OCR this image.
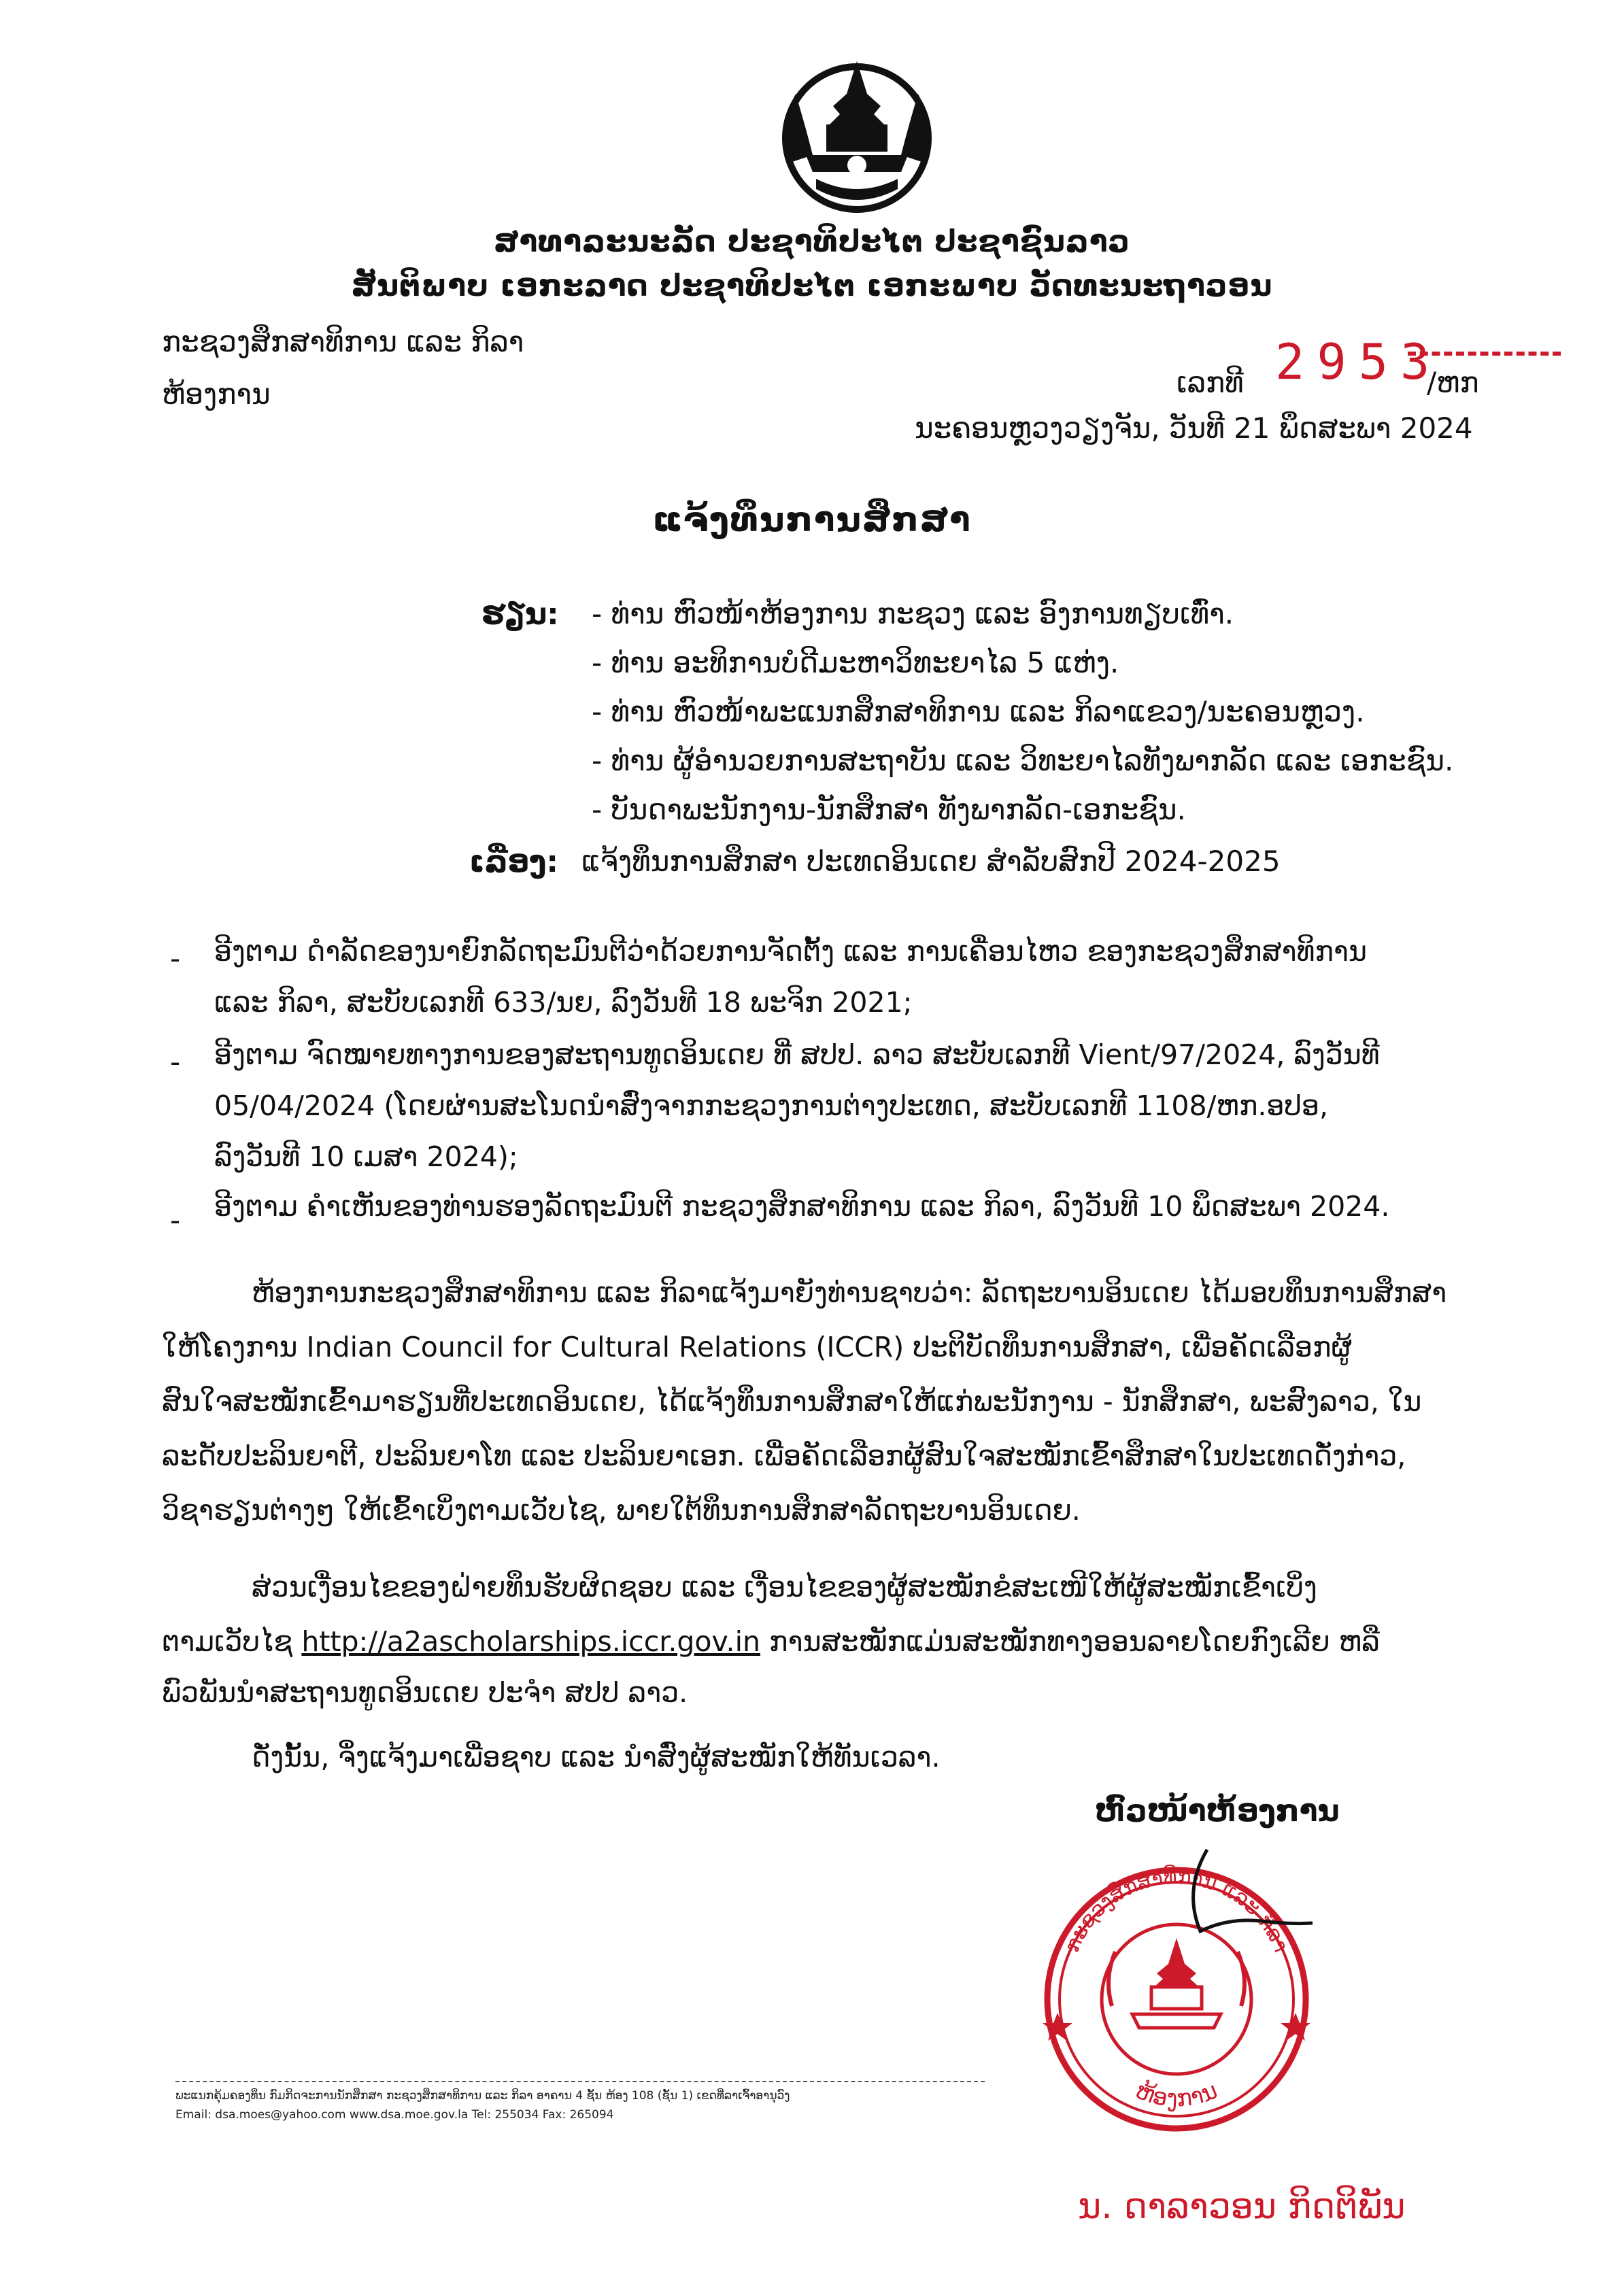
ສາທາລະນະລັດ ປະຊາທິປະໄຕ ປະຊາຊົນລາວ
ສັນຕິພາບ ເອກະລາດ ປະຊາທິປະໄຕ ເອກະພາບ ວັດທະນະຖາວອນ
ກະຊວງສຶກສາທິການ ແລະ ກິລາ
ຫ້ອງການ	ເລກທີ 2953
/ຫກ
ນະຄອນຫຼວງວຽງຈັນ, ວັນທີ 21 ພຶດສະພາ 2024
ແຈ້ງທຶນການສຶກສາ
ຮຽນ: - ທ່ານ ຫົວໜ້າຫ້ອງການ ກະຊວງ ແລະ ອົງການທຽບເທົ່າ.
- ທ່ານ ອະທິການບໍດີມະຫາວິທະຍາໄລ 5 ແຫ່ງ.
- ທ່ານ ຫົວໜ້າພະແນກສຶກສາທິການ ແລະ ກິລາແຂວງ/ນະຄອນຫຼວງ.
- ທ່ານ ຜູ້ອຳນວຍການສະຖາບັນ ແລະ ວິທະຍາໄລທັງພາກລັດ ແລະ ເອກະຊົນ.
- ບັນດາພະນັກງານ-ນັກສຶກສາ ທັງພາກລັດ-ເອກະຊົນ.
ເລື່ອງ: ແຈ້ງທຶນການສຶກສາ ປະເທດອິນເດຍ ສຳລັບສົກປີ 2024-2025
- ອີງຕາມ ດຳລັດຂອງນາຍົກລັດຖະມົນຕີວ່າດ້ວຍການຈັດຕັ້ງ ແລະ ການເຄື່ອນໄຫວ ຂອງກະຊວງສຶກສາທິການ
ແລະ ກິລາ, ສະບັບເລກທີ 633/ນຍ, ລົງວັນທີ 18 ພະຈິກ 2021;
- ອີງຕາມ ຈົດໝາຍທາງການຂອງສະຖານທູດອິນເດຍ ທີ່ ສປປ. ລາວ ສະບັບເລກທີ Vient/97/2024, ລົງວັນທີ
05/04/2024 (ໂດຍຜ່ານສະໂນດນຳສົ່ງຈາກກະຊວງການຕ່າງປະເທດ, ສະບັບເລກທີ 1108/ຫກ.ອປອ,
ລົງວັນທີ 10 ເມສາ 2024);
- ອີງຕາມ ຄຳເຫັນຂອງທ່ານຮອງລັດຖະມົນຕີ ກະຊວງສຶກສາທິການ ແລະ ກິລາ, ລົງວັນທີ 10 ພຶດສະພາ 2024.
ຫ້ອງການກະຊວງສຶກສາທິການ ແລະ ກິລາແຈ້ງມາຍັງທ່ານຊາບວ່າ: ລັດຖະບານອິນເດຍ ໄດ້ມອບທຶນການສຶກສາ
ໃຫ້ໂຄງການ Indian Council for Cultural Relations (ICCR) ປະຕິບັດທຶນການສຶກສາ, ເພື່ອຄັດເລືອກຜູ້
ສົນໃຈສະໝັກເຂົ້າມາຮຽນທີ່ປະເທດອິນເດຍ, ໄດ້ແຈ້ງທຶນການສຶກສາໃຫ້ແກ່ພະນັກງານ - ນັກສຶກສາ, ພະສົງລາວ, ໃນ
ລະດັບປະລິນຍາຕີ, ປະລິນຍາໂທ ແລະ ປະລິນຍາເອກ. ເພື່ອຄັດເລືອກຜູ້ສົນໃຈສະໝັກເຂົ້າສຶກສາໃນປະເທດດັ່ງກ່າວ,
ວິຊາຮຽນຕ່າງໆ ໃຫ້ເຂົ້າເບິ່ງຕາມເວັບໄຊ, ພາຍໃຕ້ທຶນການສຶກສາລັດຖະບານອິນເດຍ.
ສ່ວນເງື່ອນໄຂຂອງຝ່າຍທຶນຮັບຜິດຊອບ ແລະ ເງື່ອນໄຂຂອງຜູ້ສະໝັກຂໍສະເໜີໃຫ້ຜູ້ສະໝັກເຂົ້າເບິ່ງ
ຕາມເວັບໄຊ http://a2ascholarships.iccr.gov.in ການສະໝັກແມ່ນສະໝັກທາງອອນລາຍໂດຍກົງເລີຍ ຫລື
ພົວພັນນຳສະຖານທູດອິນເດຍ ປະຈຳ ສປປ ລາວ.
ດັ່ງນັ້ນ, ຈຶ່ງແຈ້ງມາເພື່ອຊາບ ແລະ ນຳສົ່ງຜູ້ສະໝັກໃຫ້ທັນເວລາ.
ຫົວໜ້າຫ້ອງການ
ກະຊວງສຶກສາທິການ ແລະ ກິລາ
ຫ້ອງການ
ນ. ດາລາວອນ ກິດຕິພັນ
ພະແນກຄຸ້ມຄອງທຶນ ກົມກິດຈະການນັກສຶກສາ ກະຊວງສຶກສາທິການ ແລະ ກິລາ ອາຄານ 4 ຊັ້ນ ຫ້ອງ 108 (ຊັ້ນ 1) ເຂດທີ່ລາເຈົ້າອານຸວົງ
Email: dsa.moes@yahoo.com www.dsa.moe.gov.la Tel: 255034 Fax: 265094
